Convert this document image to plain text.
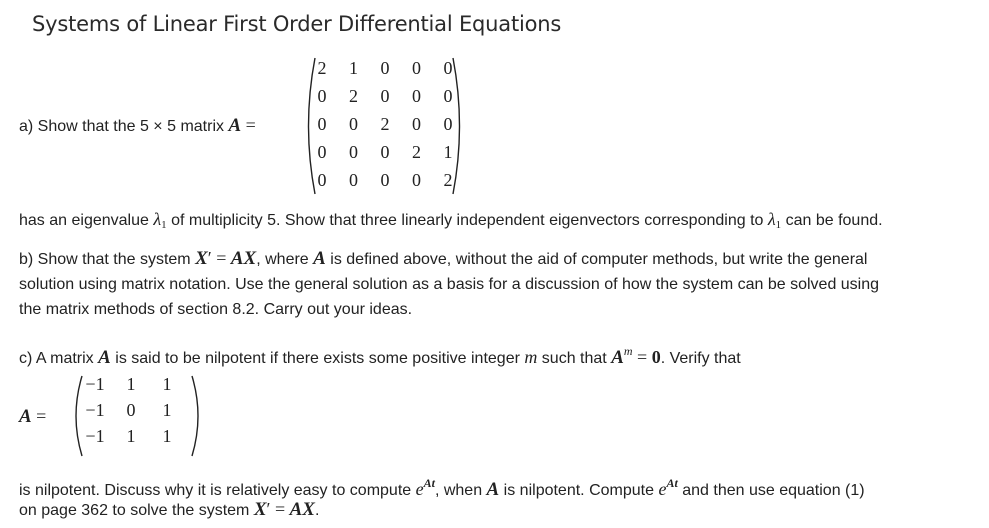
Systems of Linear First Order Differential Equations
a) Show that the 5 × 5 matrix A =
2	1	0	0	0
0	2	0	0	0
0	0	2	0	0
0	0	0	2	1
0	0	0	0	2
has an eigenvalue $\lambda_1$ of multiplicity 5. Show that three linearly independent eigenvectors corresponding to $\lambda_1$ can be found.
b) Show that the system X′ = AX, where A is defined above, without the aid of computer methods, but write the general
solution using matrix notation. Use the general solution as a basis for a discussion of how the system can be solved using
the matrix methods of section 8.2. Carry out your ideas.
c) A matrix A is said to be nilpotent if there exists some positive integer m such that $A^m = 0$. Verify that
A =
−1	1	1
−1	0	1
−1	1	1
is nilpotent. Discuss why it is relatively easy to compute $e^{At}$, when A is nilpotent. Compute $e^{At}$ and then use equation (1)
on page 362 to solve the system X′ = AX.
